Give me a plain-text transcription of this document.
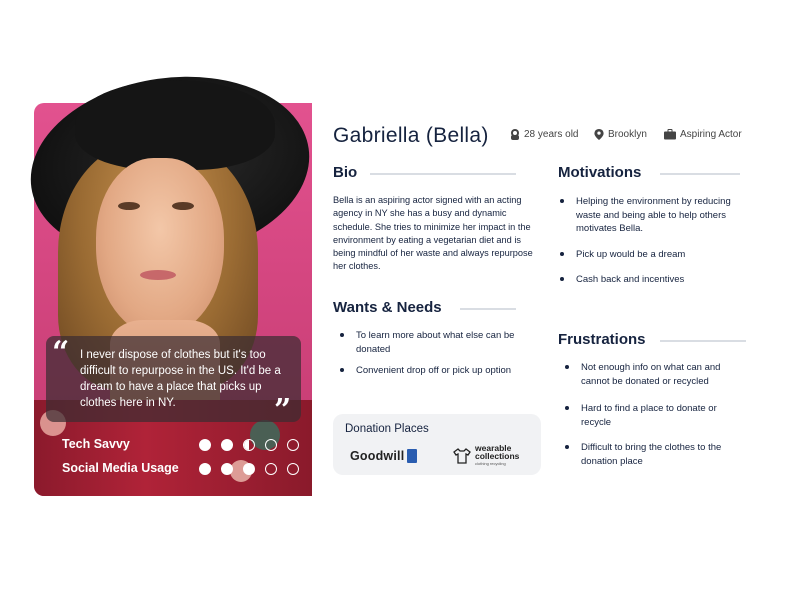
“ I never dispose of clothes but it's too difficult to repurpose in the US. It'd be a dream to have a place that picks up clothes here in NY.	”
Tech Savvy
Social Media Usage
Gabriella (Bella)	28 years old	Brooklyn	Aspiring Actor
Bio
Bella is an aspiring actor signed with an acting agency in NY she has a busy and dynamic schedule. She tries to minimize her impact in the environment by eating a vegetarian diet and is being mindful of her waste and always repurpose her clothes.
Wants & Needs
To learn more about what else can be donated
Convenient drop off or pick up option
Donation Places
Goodwill
wearable
collections
clothing recycling
Motivations
Helping the environment by reducing waste and being able to help others motivates Bella.
Pick up would be a dream
Cash back and incentives
Frustrations
Not enough info on what can and cannot be donated or recycled
Hard to find a place to donate or recycle
Difficult to bring the clothes to the donation place
